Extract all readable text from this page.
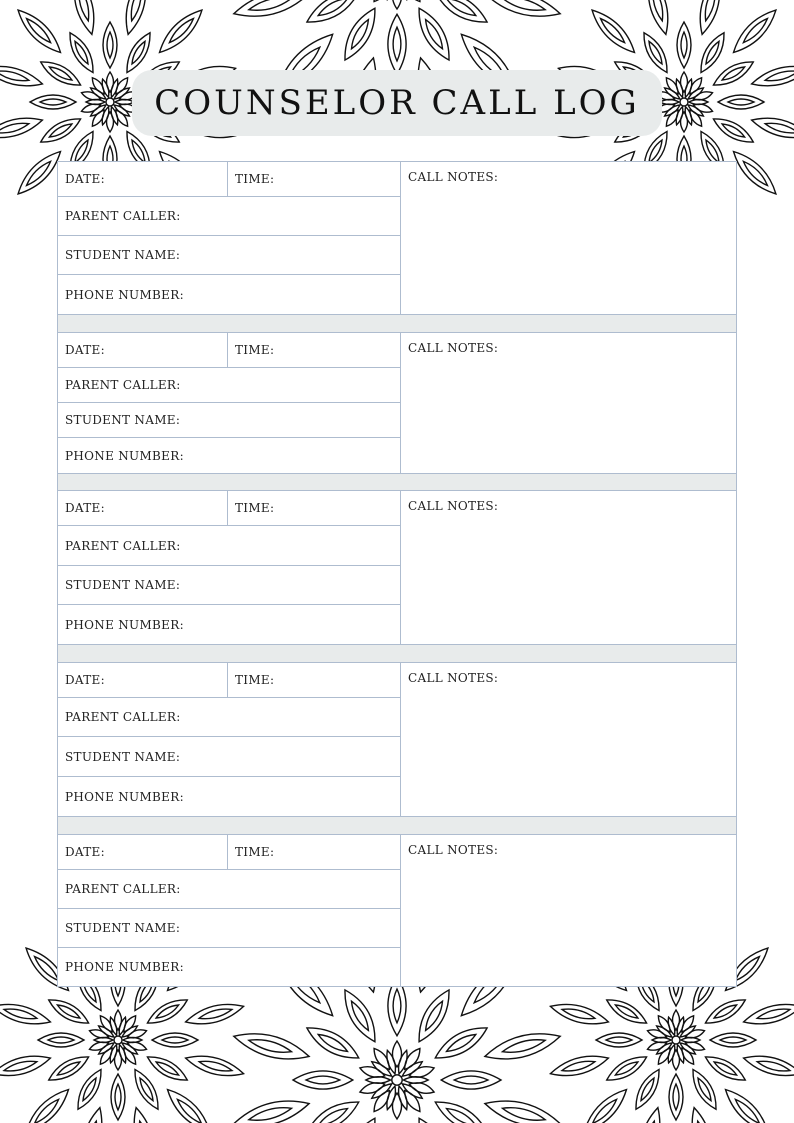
COUNSELOR CALL LOG
DATE:	TIME:
PARENT CALLER:
STUDENT NAME:
PHONE NUMBER:
CALL NOTES:
DATE:	TIME:
PARENT CALLER:
STUDENT NAME:
PHONE NUMBER:
CALL NOTES:
DATE:	TIME:
PARENT CALLER:
STUDENT NAME:
PHONE NUMBER:
CALL NOTES:
DATE:	TIME:
PARENT CALLER:
STUDENT NAME:
PHONE NUMBER:
CALL NOTES:
DATE:	TIME:
PARENT CALLER:
STUDENT NAME:
PHONE NUMBER:
CALL NOTES:
